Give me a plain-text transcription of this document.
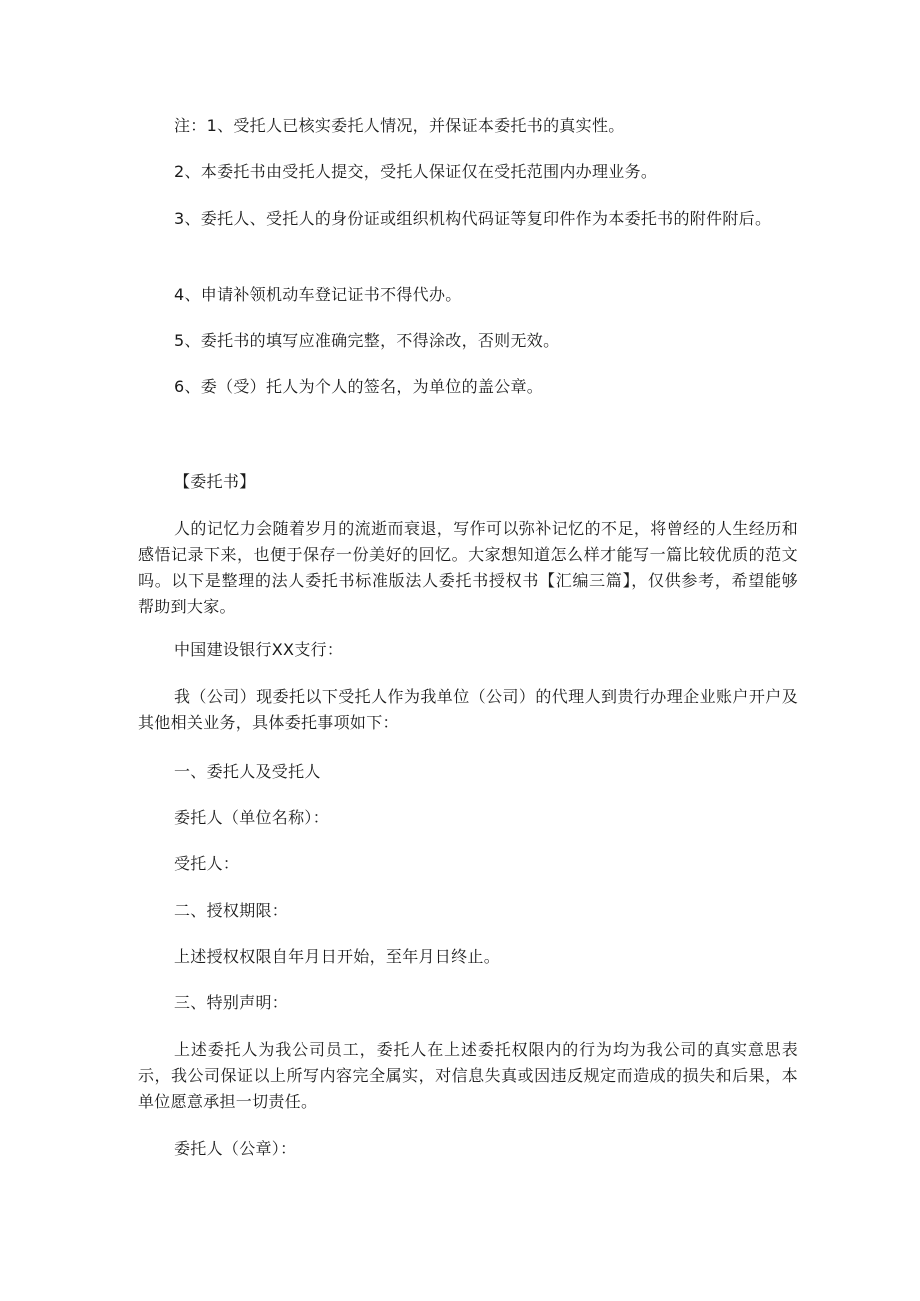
注：1、受托人已核实委托人情况，并保证本委托书的真实性。

2、本委托书由受托人提交，受托人保证仅在受托范围内办理业务。

3、委托人、受托人的身份证或组织机构代码证等复印件作为本委托书的附件附后。

4、申请补领机动车登记证书不得代办。

5、委托书的填写应准确完整，不得涂改，否则无效。

6、委（受）托人为个人的签名，为单位的盖公章。

【委托书】

人的记忆力会随着岁月的流逝而衰退，写作可以弥补记忆的不足，将曾经的人生经历和感悟记录下来，也便于保存一份美好的回忆。大家想知道怎么样才能写一篇比较优质的范文吗。以下是整理的法人委托书标准版法人委托书授权书【汇编三篇】，仅供参考，希望能够帮助到大家。

中国建设银行XX支行：

我（公司）现委托以下受托人作为我单位（公司）的代理人到贵行办理企业账户开户及其他相关业务，具体委托事项如下：

一、委托人及受托人

委托人（单位名称）：

受托人：

二、授权期限：

上述授权权限自年月日开始，至年月日终止。

三、特别声明：

上述委托人为我公司员工，委托人在上述委托权限内的行为均为我公司的真实意思表示，我公司保证以上所写内容完全属实，对信息失真或因违反规定而造成的损失和后果，本单位愿意承担一切责任。

委托人（公章）：
